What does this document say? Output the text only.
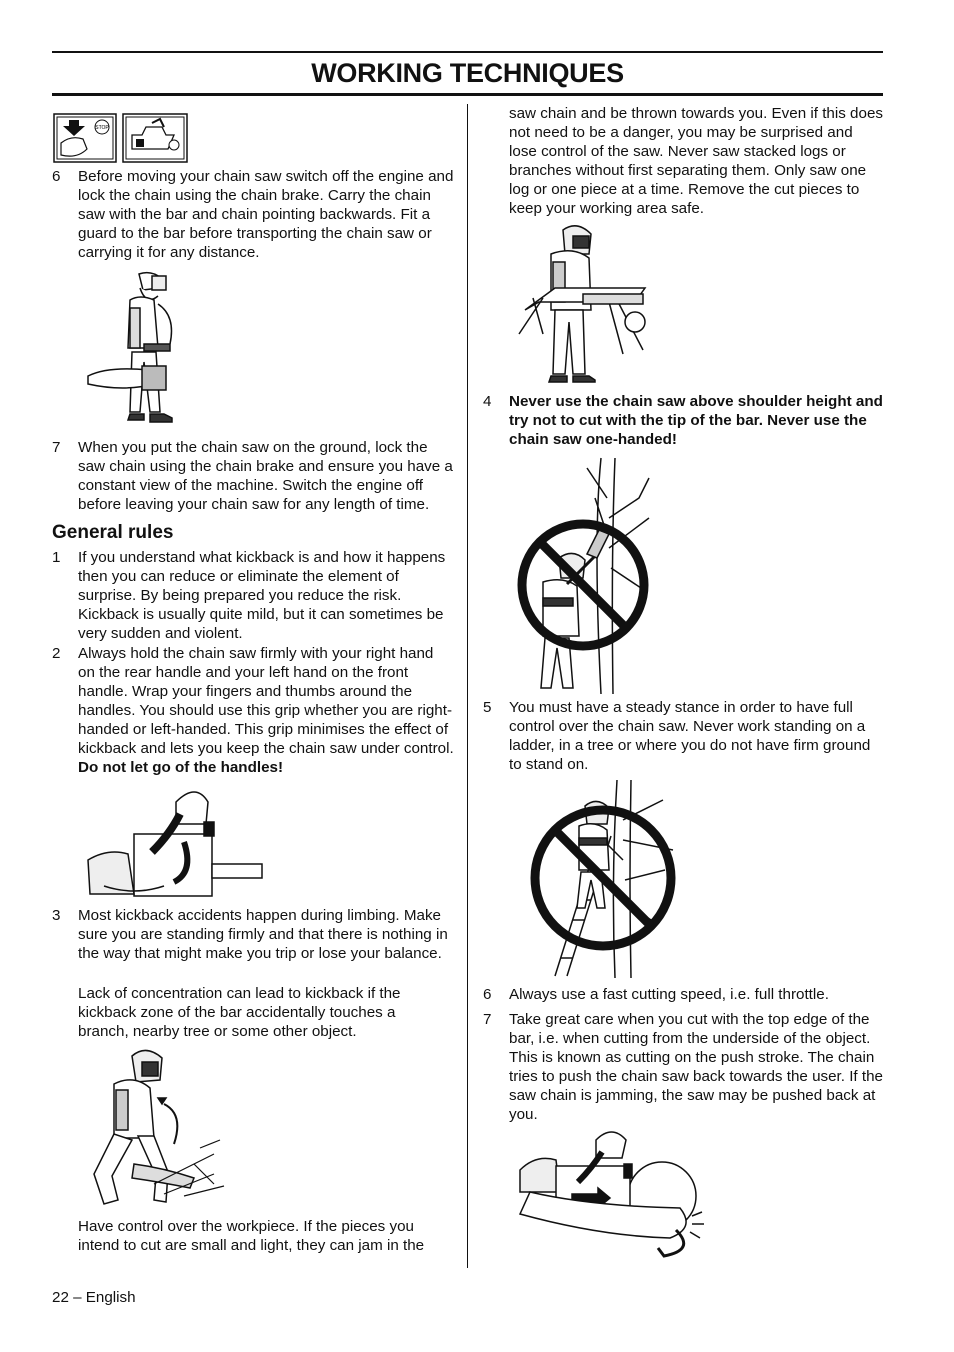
WORKING TECHNIQUES
STOP
6 Before moving your chain saw switch off the engine and lock the chain using the chain brake. Carry the chain saw with the bar and chain pointing backwards. Fit a guard to the bar before transporting the chain saw or carrying it for any distance.
7 When you put the chain saw on the ground, lock the saw chain using the chain brake and ensure you have a constant view of the machine. Switch the engine off before leaving your chain saw for any length of time.
General rules
1 If you understand what kickback is and how it happens then you can reduce or eliminate the element of surprise. By being prepared you reduce the risk. Kickback is usually quite mild, but it can sometimes be very sudden and violent.
2 Always hold the chain saw firmly with your right hand on the rear handle and your left hand on the front handle. Wrap your fingers and thumbs around the handles. You should use this grip whether you are right-handed or left-handed. This grip minimises the effect of kickback and lets you keep the chain saw under control. Do not let go of the handles!
3 Most kickback accidents happen during limbing. Make sure you are standing firmly and that there is nothing in the way that might make you trip or lose your balance.
Lack of concentration can lead to kickback if the kickback zone of the bar accidentally touches a branch, nearby tree or some other object.
Have control over the workpiece. If the pieces you intend to cut are small and light, they can jam in the
22 – English
saw chain and be thrown towards you. Even if this does not need to be a danger, you may be surprised and lose control of the saw. Never saw stacked logs or branches without first separating them. Only saw one log or one piece at a time. Remove the cut pieces to keep your working area safe.
4 Never use the chain saw above shoulder height and try not to cut with the tip of the bar. Never use the chain saw one-handed!
5 You must have a steady stance in order to have full control over the chain saw. Never work standing on a ladder, in a tree or where you do not have firm ground to stand on.
6 Always use a fast cutting speed, i.e. full throttle.
7 Take great care when you cut with the top edge of the bar, i.e. when cutting from the underside of the object. This is known as cutting on the push stroke. The chain tries to push the chain saw back towards the user. If the saw chain is jamming, the saw may be pushed back at you.
